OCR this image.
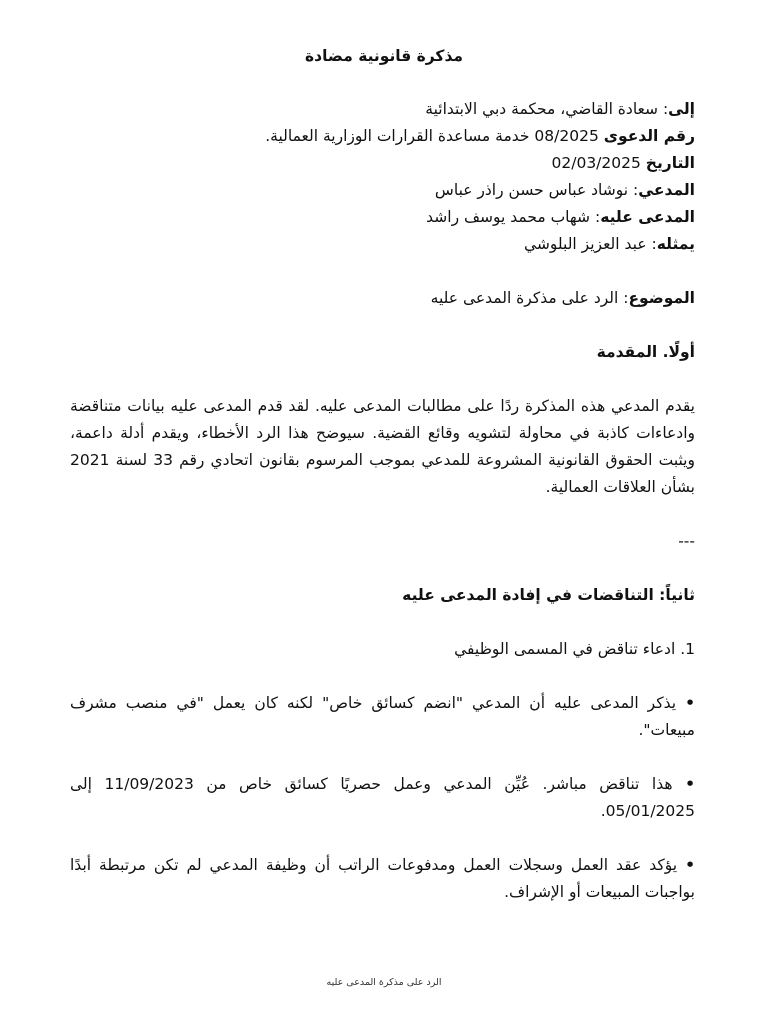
مذكرة قانونية مضادة

إلى: سعادة القاضي، محكمة دبي الابتدائية

رقم الدعوى 08/2025 خدمة مساعدة القرارات الوزارية العمالية.

التاريخ 02/03/2025

المدعي: نوشاد عباس حسن راذر عباس

المدعى عليه: شهاب محمد يوسف راشد

يمثله: عبد العزيز البلوشي

الموضوع: الرد على مذكرة المدعى عليه

أولًا. المقدمة

يقدم المدعي هذه المذكرة ردًا على مطالبات المدعى عليه. لقد قدم المدعى عليه بيانات متناقضة وادعاءات كاذبة في محاولة لتشويه وقائع القضية. سيوضح هذا الرد الأخطاء، ويقدم أدلة داعمة، ويثبت الحقوق القانونية المشروعة للمدعي بموجب المرسوم بقانون اتحادي رقم 33 لسنة 2021 بشأن العلاقات العمالية.

---

ثانياً: التناقضات في إفادة المدعى عليه

1. ادعاء تناقض في المسمى الوظيفي

• يذكر المدعى عليه أن المدعي "انضم كسائق خاص" لكنه كان يعمل "في منصب مشرف مبيعات".

• هذا تناقض مباشر. عُيِّن المدعي وعمل حصريًا كسائق خاص من 11/09/2023 إلى 05/01/2025.

• يؤكد عقد العمل وسجلات العمل ومدفوعات الراتب أن وظيفة المدعي لم تكن مرتبطة أبدًا بواجبات المبيعات أو الإشراف.

الرد على مذكرة المدعى عليه
